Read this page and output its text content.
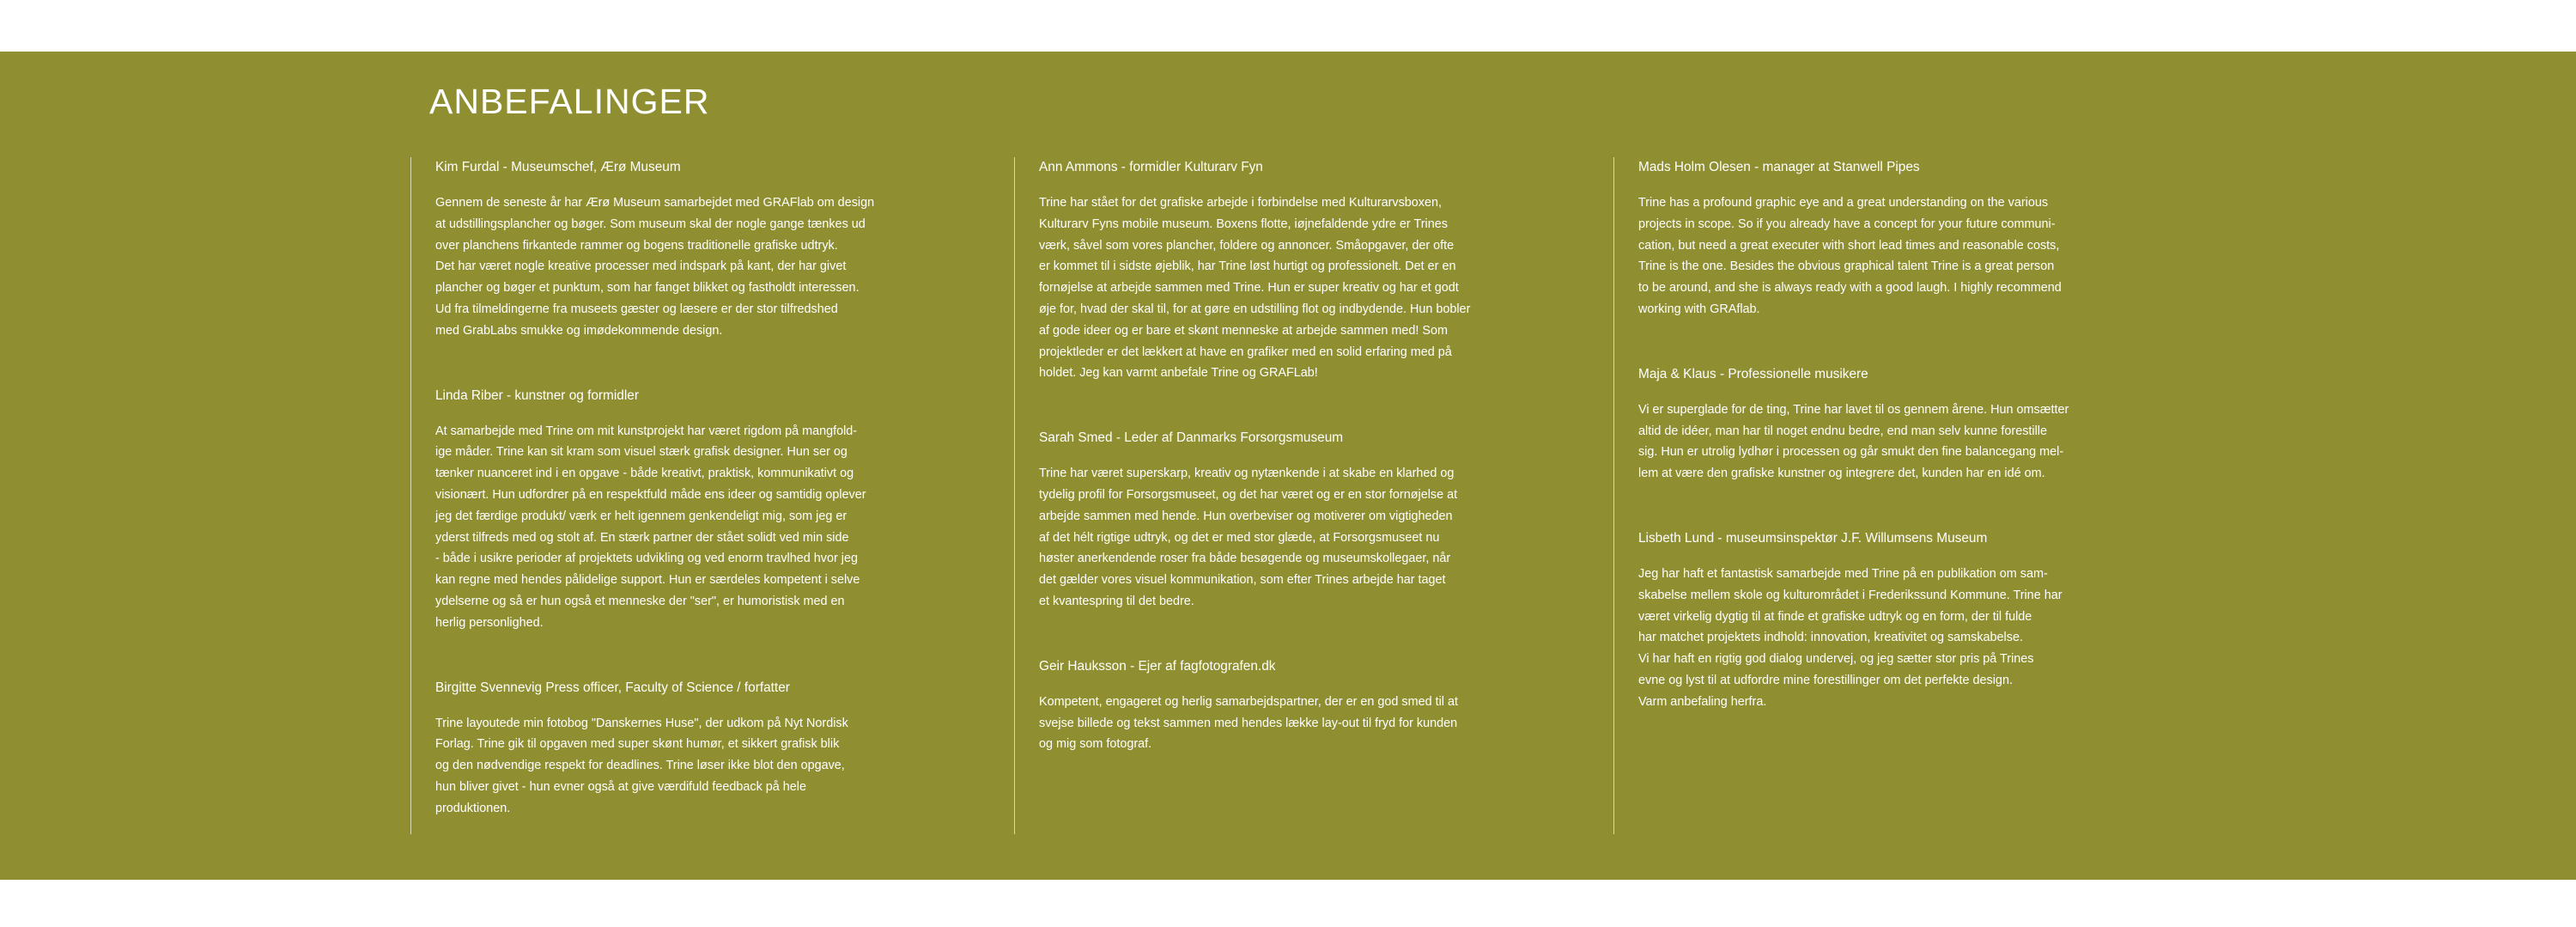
ANBEFALINGER

Kim Furdal - Museumschef, Ærø Museum

Gennem de seneste år har Ærø Museum samarbejdet med GRAFlab om design
at udstillingsplancher og bøger. Som museum skal der nogle gange tænkes ud
over planchens firkantede rammer og bogens traditionelle grafiske udtryk.
Det har været nogle kreative processer med indspark på kant, der har givet
plancher og bøger et punktum, som har fanget blikket og fastholdt interessen.
Ud fra tilmeldingerne fra museets gæster og læsere er der stor tilfredshed
med GrabLabs smukke og imødekommende design.

Linda Riber - kunstner og formidler

At samarbejde med Trine om mit kunstprojekt har været rigdom på mangfold-
ige måder. Trine kan sit kram som visuel stærk grafisk designer. Hun ser og
tænker nuanceret ind i en opgave - både kreativt, praktisk, kommunikativt og
visionært. Hun udfordrer på en respektfuld måde ens ideer og samtidig oplever
jeg det færdige produkt/ værk er helt igennem genkendeligt mig, som jeg er
yderst tilfreds med og stolt af. En stærk partner der stået solidt ved min side
- både i usikre perioder af projektets udvikling og ved enorm travlhed hvor jeg
kan regne med hendes pålidelige support. Hun er særdeles kompetent i selve
ydelserne og så er hun også et menneske der "ser", er humoristisk med en
herlig personlighed.

Birgitte Svennevig Press officer, Faculty of Science / forfatter

Trine layoutede min fotobog "Danskernes Huse", der udkom på Nyt Nordisk
Forlag. Trine gik til opgaven med super skønt humør, et sikkert grafisk blik
og den nødvendige respekt for deadlines. Trine løser ikke blot den opgave,
hun bliver givet - hun evner også at give værdifuld feedback på hele
produktionen.

Ann Ammons - formidler Kulturarv Fyn

Trine har stået for det grafiske arbejde i forbindelse med Kulturarvsboxen,
Kulturarv Fyns mobile museum. Boxens flotte, iøjnefaldende ydre er Trines
værk, såvel som vores plancher, foldere og annoncer. Småopgaver, der ofte
er kommet til i sidste øjeblik, har Trine løst hurtigt og professionelt. Det er en
fornøjelse at arbejde sammen med Trine. Hun er super kreativ og har et godt
øje for, hvad der skal til, for at gøre en udstilling flot og indbydende. Hun bobler
af gode ideer og er bare et skønt menneske at arbejde sammen med! Som
projektleder er det lækkert at have en grafiker med en solid erfaring med på
holdet. Jeg kan varmt anbefale Trine og GRAFLab!

Sarah Smed - Leder af Danmarks Forsorgsmuseum

Trine har været superskarp, kreativ og nytænkende i at skabe en klarhed og
tydelig profil for Forsorgsmuseet, og det har været og er en stor fornøjelse at
arbejde sammen med hende. Hun overbeviser og motiverer om vigtigheden
af det hélt rigtige udtryk, og det er med stor glæde, at Forsorgsmuseet nu
høster anerkendende roser fra både besøgende og museumskollegaer, når
det gælder vores visuel kommunikation, som efter Trines arbejde har taget
et kvantespring til det bedre.

Geir Hauksson - Ejer af fagfotografen.dk

Kompetent, engageret og herlig samarbejdspartner, der er en god smed til at
svejse billede og tekst sammen med hendes lække lay-out til fryd for kunden
og mig som fotograf.

Mads Holm Olesen - manager at Stanwell Pipes

Trine has a profound graphic eye and a great understanding on the various
projects in scope. So if you already have a concept for your future communi-
cation, but need a great executer with short lead times and reasonable costs,
Trine is the one. Besides the obvious graphical talent Trine is a great person
to be around, and she is always ready with a good laugh. I highly recommend
working with GRAflab.

Maja & Klaus - Professionelle musikere

Vi er superglade for de ting, Trine har lavet til os gennem årene. Hun omsætter
altid de idéer, man har til noget endnu bedre, end man selv kunne forestille
sig. Hun er utrolig lydhør i processen og går smukt den fine balancegang mel-
lem at være den grafiske kunstner og integrere det, kunden har en idé om.

Lisbeth Lund - museumsinspektør J.F. Willumsens Museum

Jeg har haft et fantastisk samarbejde med Trine på en publikation om sam-
skabelse mellem skole og kulturområdet i Frederikssund Kommune. Trine har
været virkelig dygtig til at finde et grafiske udtryk og en form, der til fulde
har matchet projektets indhold: innovation, kreativitet og samskabelse.
Vi har haft en rigtig god dialog undervej, og jeg sætter stor pris på Trines
evne og lyst til at udfordre mine forestillinger om det perfekte design.
Varm anbefaling herfra.
